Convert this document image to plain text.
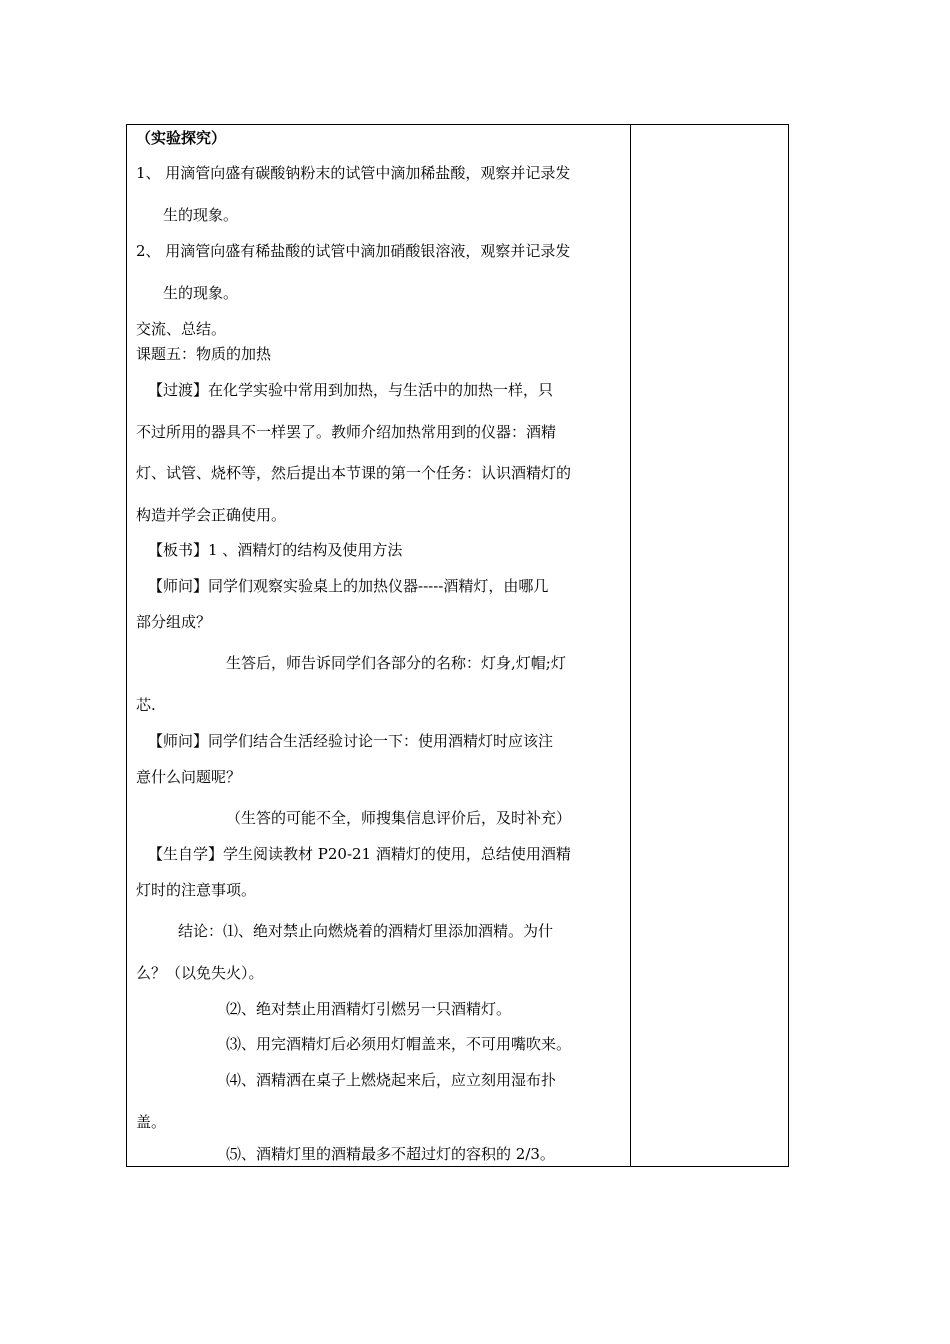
（实验探究）
1、 用滴管向盛有碳酸钠粉末的试管中滴加稀盐酸，观察并记录发
生的现象。
2、 用滴管向盛有稀盐酸的试管中滴加硝酸银溶液，观察并记录发
生的现象。
交流、总结。
课题五：物质的加热
【过渡】在化学实验中常用到加热，与生活中的加热一样，只
不过所用的器具不一样罢了。教师介绍加热常用到的仪器：酒精
灯、试管、烧杯等，然后提出本节课的第一个任务：认识酒精灯的
构造并学会正确使用。
【板书】1 、酒精灯的结构及使用方法
【师问】同学们观察实验桌上的加热仪器-----酒精灯，由哪几
部分组成？
生答后，师告诉同学们各部分的名称：灯身,灯帽;灯
芯.
【师问】同学们结合生活经验讨论一下：使用酒精灯时应该注
意什么问题呢？
（生答的可能不全，师搜集信息评价后，及时补充）
【生自学】学生阅读教材 P20-21 酒精灯的使用，总结使用酒精
灯时的注意事项。
结论：⑴、绝对禁止向燃烧着的酒精灯里添加酒精。为什
么？（以免失火）。
⑵、绝对禁止用酒精灯引燃另一只酒精灯。
⑶、用完酒精灯后必须用灯帽盖来，不可用嘴吹来。
⑷、酒精洒在桌子上燃烧起来后，应立刻用湿布扑
盖。
⑸、酒精灯里的酒精最多不超过灯的容积的 2/3。
